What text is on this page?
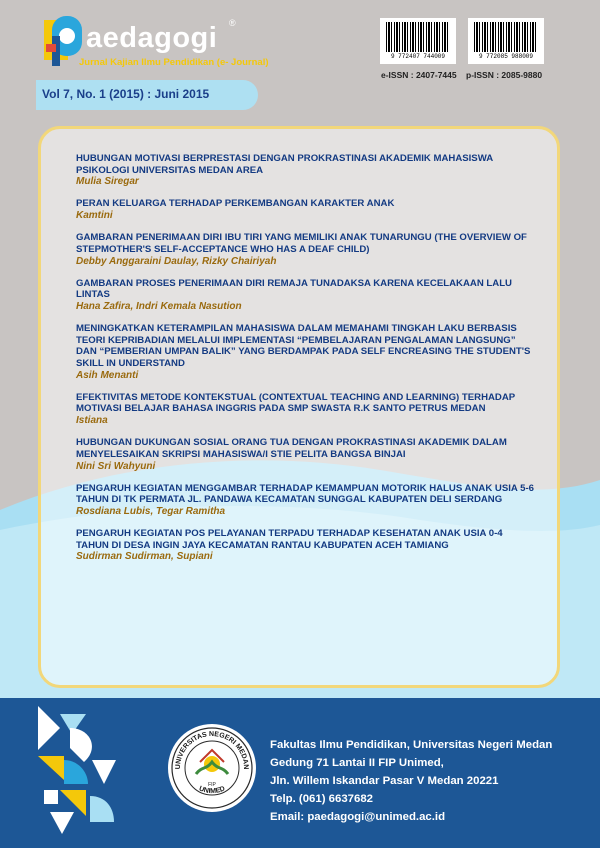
aedagogi ®
Jurnal Kajian Ilmu Pendidikan (e- Journal)
Vol 7, No. 1 (2015) : Juni 2015
9 772407 744009
e-ISSN : 2407-7445
9 772085 988009
p-ISSN : 2085-9880
HUBUNGAN MOTIVASI BERPRESTASI DENGAN PROKRASTINASI AKADEMIK MAHASISWA PSIKOLOGI UNIVERSITAS MEDAN AREA
Mulia Siregar
PERAN KELUARGA TERHADAP PERKEMBANGAN KARAKTER ANAK
Kamtini
GAMBARAN PENERIMAAN DIRI IBU TIRI YANG MEMILIKI ANAK TUNARUNGU (THE OVERVIEW OF STEPMOTHER'S SELF-ACCEPTANCE WHO HAS A DEAF CHILD)
Debby Anggaraini Daulay, Rizky Chairiyah
GAMBARAN PROSES PENERIMAAN DIRI REMAJA TUNADAKSA KARENA KECELAKAAN LALU LINTAS
Hana Zafira, Indri Kemala Nasution
MENINGKATKAN KETERAMPILAN MAHASISWA DALAM MEMAHAMI TINGKAH LAKU BERBASIS TEORI KEPRIBADIAN MELALUI IMPLEMENTASI “PEMBELAJARAN PENGALAMAN LANGSUNG” DAN “PEMBERIAN UMPAN BALIK” YANG BERDAMPAK PADA SELF ENCREASING THE STUDENT'S SKILL IN UNDERSTAND
Asih Menanti
EFEKTIVITAS METODE KONTEKSTUAL (CONTEXTUAL TEACHING AND LEARNING) TERHADAP MOTIVASI BELAJAR BAHASA INGGRIS PADA SMP SWASTA R.K SANTO PETRUS MEDAN
Istiana
HUBUNGAN DUKUNGAN SOSIAL ORANG TUA DENGAN PROKRASTINASI AKADEMIK DALAM MENYELESAIKAN SKRIPSI MAHASISWA/I STIE PELITA BANGSA BINJAI
Nini Sri Wahyuni
PENGARUH KEGIATAN MENGGAMBAR TERHADAP KEMAMPUAN MOTORIK HALUS ANAK USIA 5-6 TAHUN DI TK PERMATA JL. PANDAWA KECAMATAN SUNGGAL KABUPATEN DELI SERDANG
Rosdiana Lubis, Tegar Ramitha
PENGARUH KEGIATAN POS PELAYANAN TERPADU TERHADAP KESEHATAN ANAK USIA 0-4 TAHUN DI DESA INGIN JAYA KECAMATAN RANTAU KABUPATEN ACEH TAMIANG
Sudirman Sudirman, Supiani
UNIVERSITAS NEGERI MEDAN
UNIMED
FIP
Fakultas Ilmu Pendidikan, Universitas Negeri Medan
Gedung 71 Lantai II FIP Unimed,
Jln. Willem Iskandar Pasar V Medan 20221
Telp. (061) 6637682
Email: paedagogi@unimed.ac.id
